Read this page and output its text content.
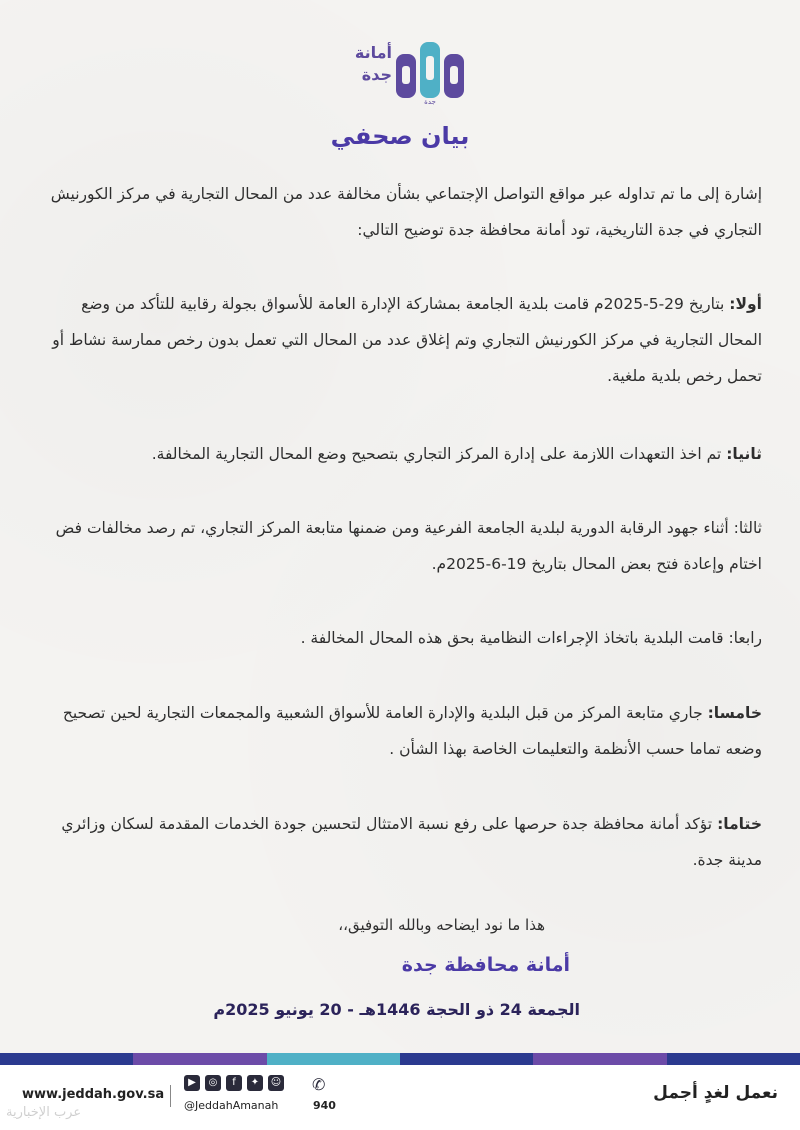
أمانة
جدة
جدة
بيان صحفي
إشارة إلى ما تم تداوله عبر مواقع التواصل الإجتماعي بشأن مخالفة عدد من المحال التجارية في مركز الكورنيش التجاري في جدة التاريخية، تود أمانة محافظة جدة توضيح التالي:
أولا: بتاريخ 29-5-2025م قامت بلدية الجامعة بمشاركة الإدارة العامة للأسواق بجولة رقابية للتأكد من وضع المحال التجارية في مركز الكورنيش التجاري وتم إغلاق عدد من المحال التي تعمل بدون رخص ممارسة نشاط أو تحمل رخص بلدية ملغية.
ثانيا: تم اخذ التعهدات اللازمة على إدارة المركز التجاري بتصحيح وضع المحال التجارية المخالفة.
ثالثا: أثناء جهود الرقابة الدورية لبلدية الجامعة الفرعية ومن ضمنها متابعة المركز التجاري، تم رصد مخالفات فض اختام وإعادة فتح بعض المحال بتاريخ 19-6-2025م.
رابعا: قامت البلدية باتخاذ الإجراءات النظامية بحق هذه المحال المخالفة .
خامسا: جاري متابعة المركز من قبل البلدية والإدارة العامة للأسواق الشعبية والمجمعات التجارية لحين تصحيح وضعه تماما حسب الأنظمة والتعليمات الخاصة بهذا الشأن .
ختاما: تؤكد أمانة محافظة جدة حرصها على رفع نسبة الامتثال لتحسين جودة الخدمات المقدمة لسكان وزائري مدينة جدة.
هذا ما نود ايضاحه وبالله التوفيق،،
أمانة محافظة جدة
الجمعة 24 ذو الحجة 1446هـ - 20 يونيو 2025م
www.jeddah.gov.sa
▶	◎	f	✦	☺
@JeddahAmanah
✆
940
نعمل لغدٍ أجمل
عرب الإخبارية
